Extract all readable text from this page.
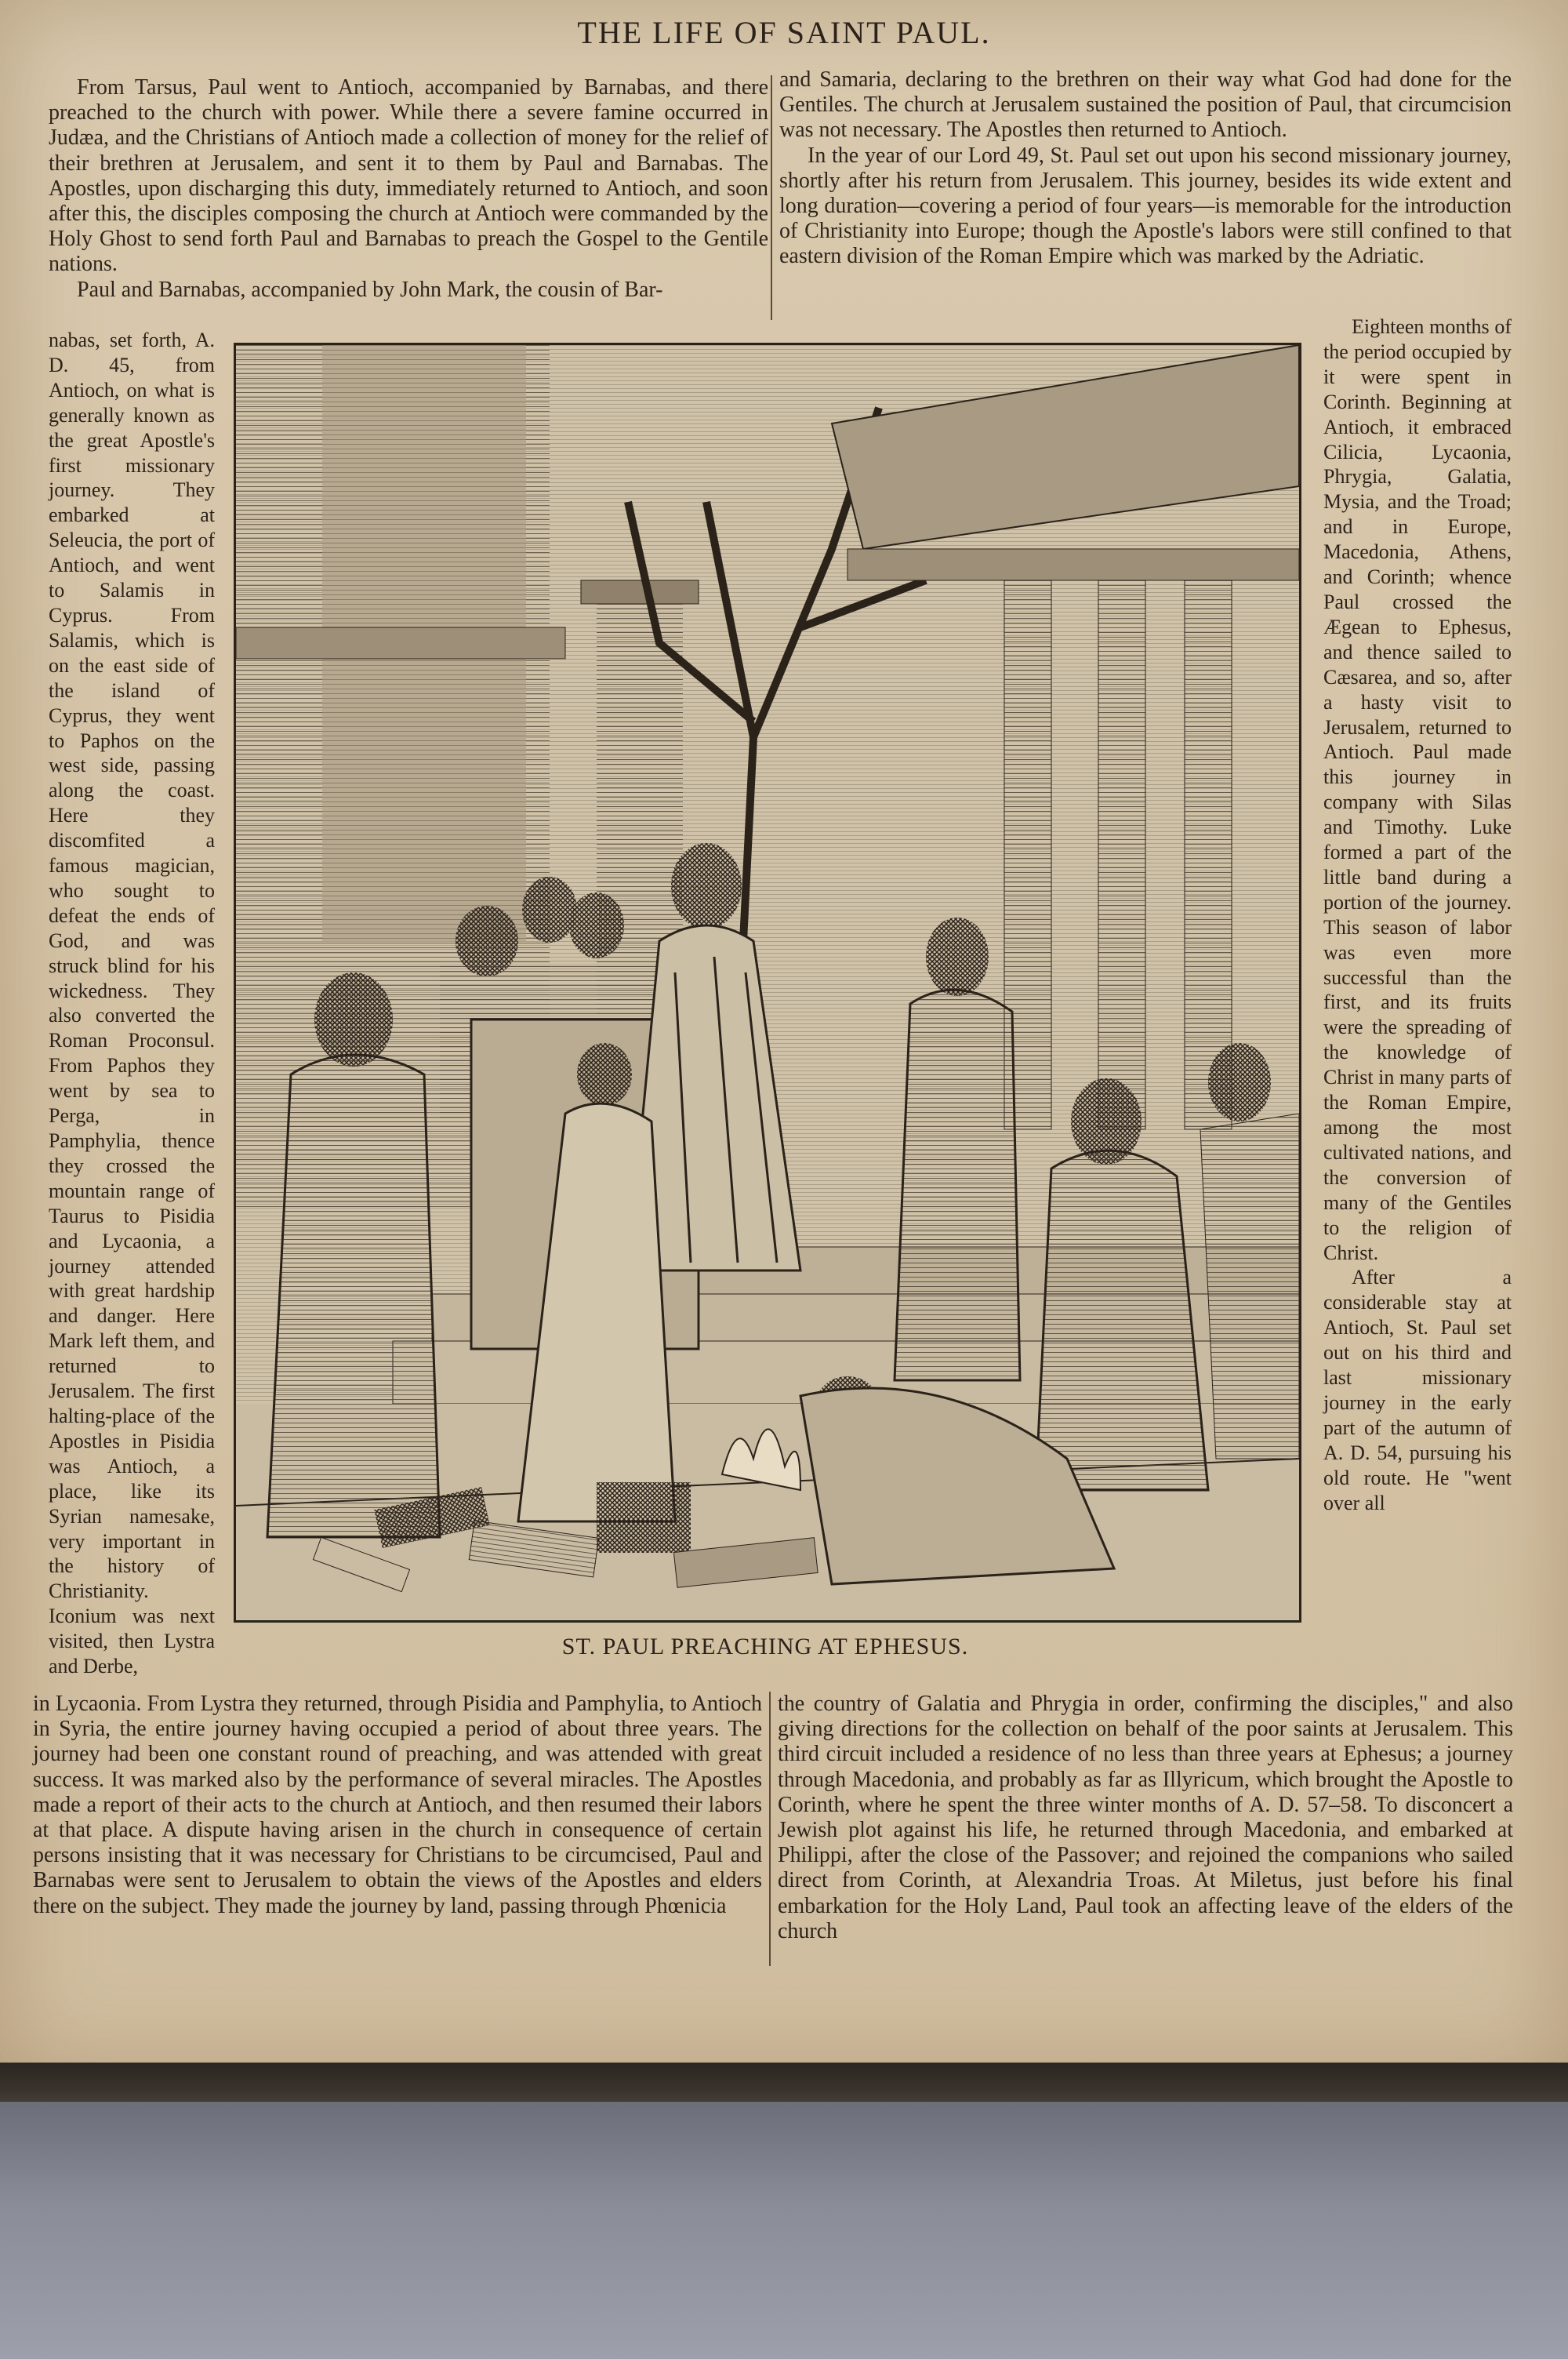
THE LIFE OF SAINT PAUL.

From Tarsus, Paul went to Antioch, accompanied by Barnabas, and there preached to the church with power. While there a severe famine occurred in Judæa, and the Christians of Antioch made a collection of money for the relief of their brethren at Jerusalem, and sent it to them by Paul and Barnabas. The Apostles, upon discharging this duty, immediately returned to Antioch, and soon after this, the disciples composing the church at Antioch were commanded by the Holy Ghost to send forth Paul and Barnabas to preach the Gospel to the Gentile nations.

Paul and Barnabas, accompanied by John Mark, the cousin of Bar-

and Samaria, declaring to the brethren on their way what God had done for the Gentiles. The church at Jerusalem sustained the position of Paul, that circumcision was not necessary. The Apostles then returned to Antioch.

In the year of our Lord 49, St. Paul set out upon his second missionary journey, shortly after his return from Jerusalem. This journey, besides its wide extent and long duration—covering a period of four years—is memorable for the introduction of Christianity into Europe; though the Apostle's labors were still confined to that eastern division of the Roman Empire which was marked by the Adriatic.

nabas, set forth, A. D. 45, from Antioch, on what is generally known as the great Apostle's first missionary journey. They embarked at Seleucia, the port of Antioch, and went to Salamis in Cyprus. From Salamis, which is on the east side of the island of Cyprus, they went to Paphos on the west side, passing along the coast. Here they discomfited a famous magician, who sought to defeat the ends of God, and was struck blind for his wickedness. They also converted the Roman Proconsul. From Paphos they went by sea to Perga, in Pamphylia, thence they crossed the mountain range of Taurus to Pisidia and Lycaonia, a journey attended with great hardship and danger. Here Mark left them, and returned to Jerusalem. The first halting-place of the Apostles in Pisidia was Antioch, a place, like its Syrian namesake, very important in the history of Christianity. Iconium was next visited, then Lystra and Derbe,

Eighteen months of the period occupied by it were spent in Corinth. Beginning at Antioch, it embraced Cilicia, Lycaonia, Phrygia, Galatia, Mysia, and the Troad; and in Europe, Macedonia, Athens, and Corinth; whence Paul crossed the Ægean to Ephesus, and thence sailed to Cæsarea, and so, after a hasty visit to Jerusalem, returned to Antioch. Paul made this journey in company with Silas and Timothy. Luke formed a part of the little band during a portion of the journey. This season of labor was even more successful than the first, and its fruits were the spreading of the knowledge of Christ in many parts of the Roman Empire, among the most cultivated nations, and the conversion of many of the Gentiles to the religion of Christ.

After a considerable stay at Antioch, St. Paul set out on his third and last missionary journey in the early part of the autumn of A. D. 54, pursuing his old route. He "went over all

ST. PAUL PREACHING AT EPHESUS.
in Lycaonia. From Lystra they returned, through Pisidia and Pamphylia, to Antioch in Syria, the entire journey having occupied a period of about three years. The journey had been one constant round of preaching, and was attended with great success. It was marked also by the performance of several miracles. The Apostles made a report of their acts to the church at Antioch, and then resumed their labors at that place. A dispute having arisen in the church in consequence of certain persons insisting that it was necessary for Christians to be circumcised, Paul and Barnabas were sent to Jerusalem to obtain the views of the Apostles and elders there on the subject. They made the journey by land, passing through Phœnicia
the country of Galatia and Phrygia in order, confirming the disciples," and also giving directions for the collection on behalf of the poor saints at Jerusalem. This third circuit included a residence of no less than three years at Ephesus; a journey through Macedonia, and probably as far as Illyricum, which brought the Apostle to Corinth, where he spent the three winter months of A. D. 57–58. To disconcert a Jewish plot against his life, he returned through Macedonia, and embarked at Philippi, after the close of the Passover; and rejoined the companions who sailed direct from Corinth, at Alexandria Troas. At Miletus, just before his final embarkation for the Holy Land, Paul took an affecting leave of the elders of the church
